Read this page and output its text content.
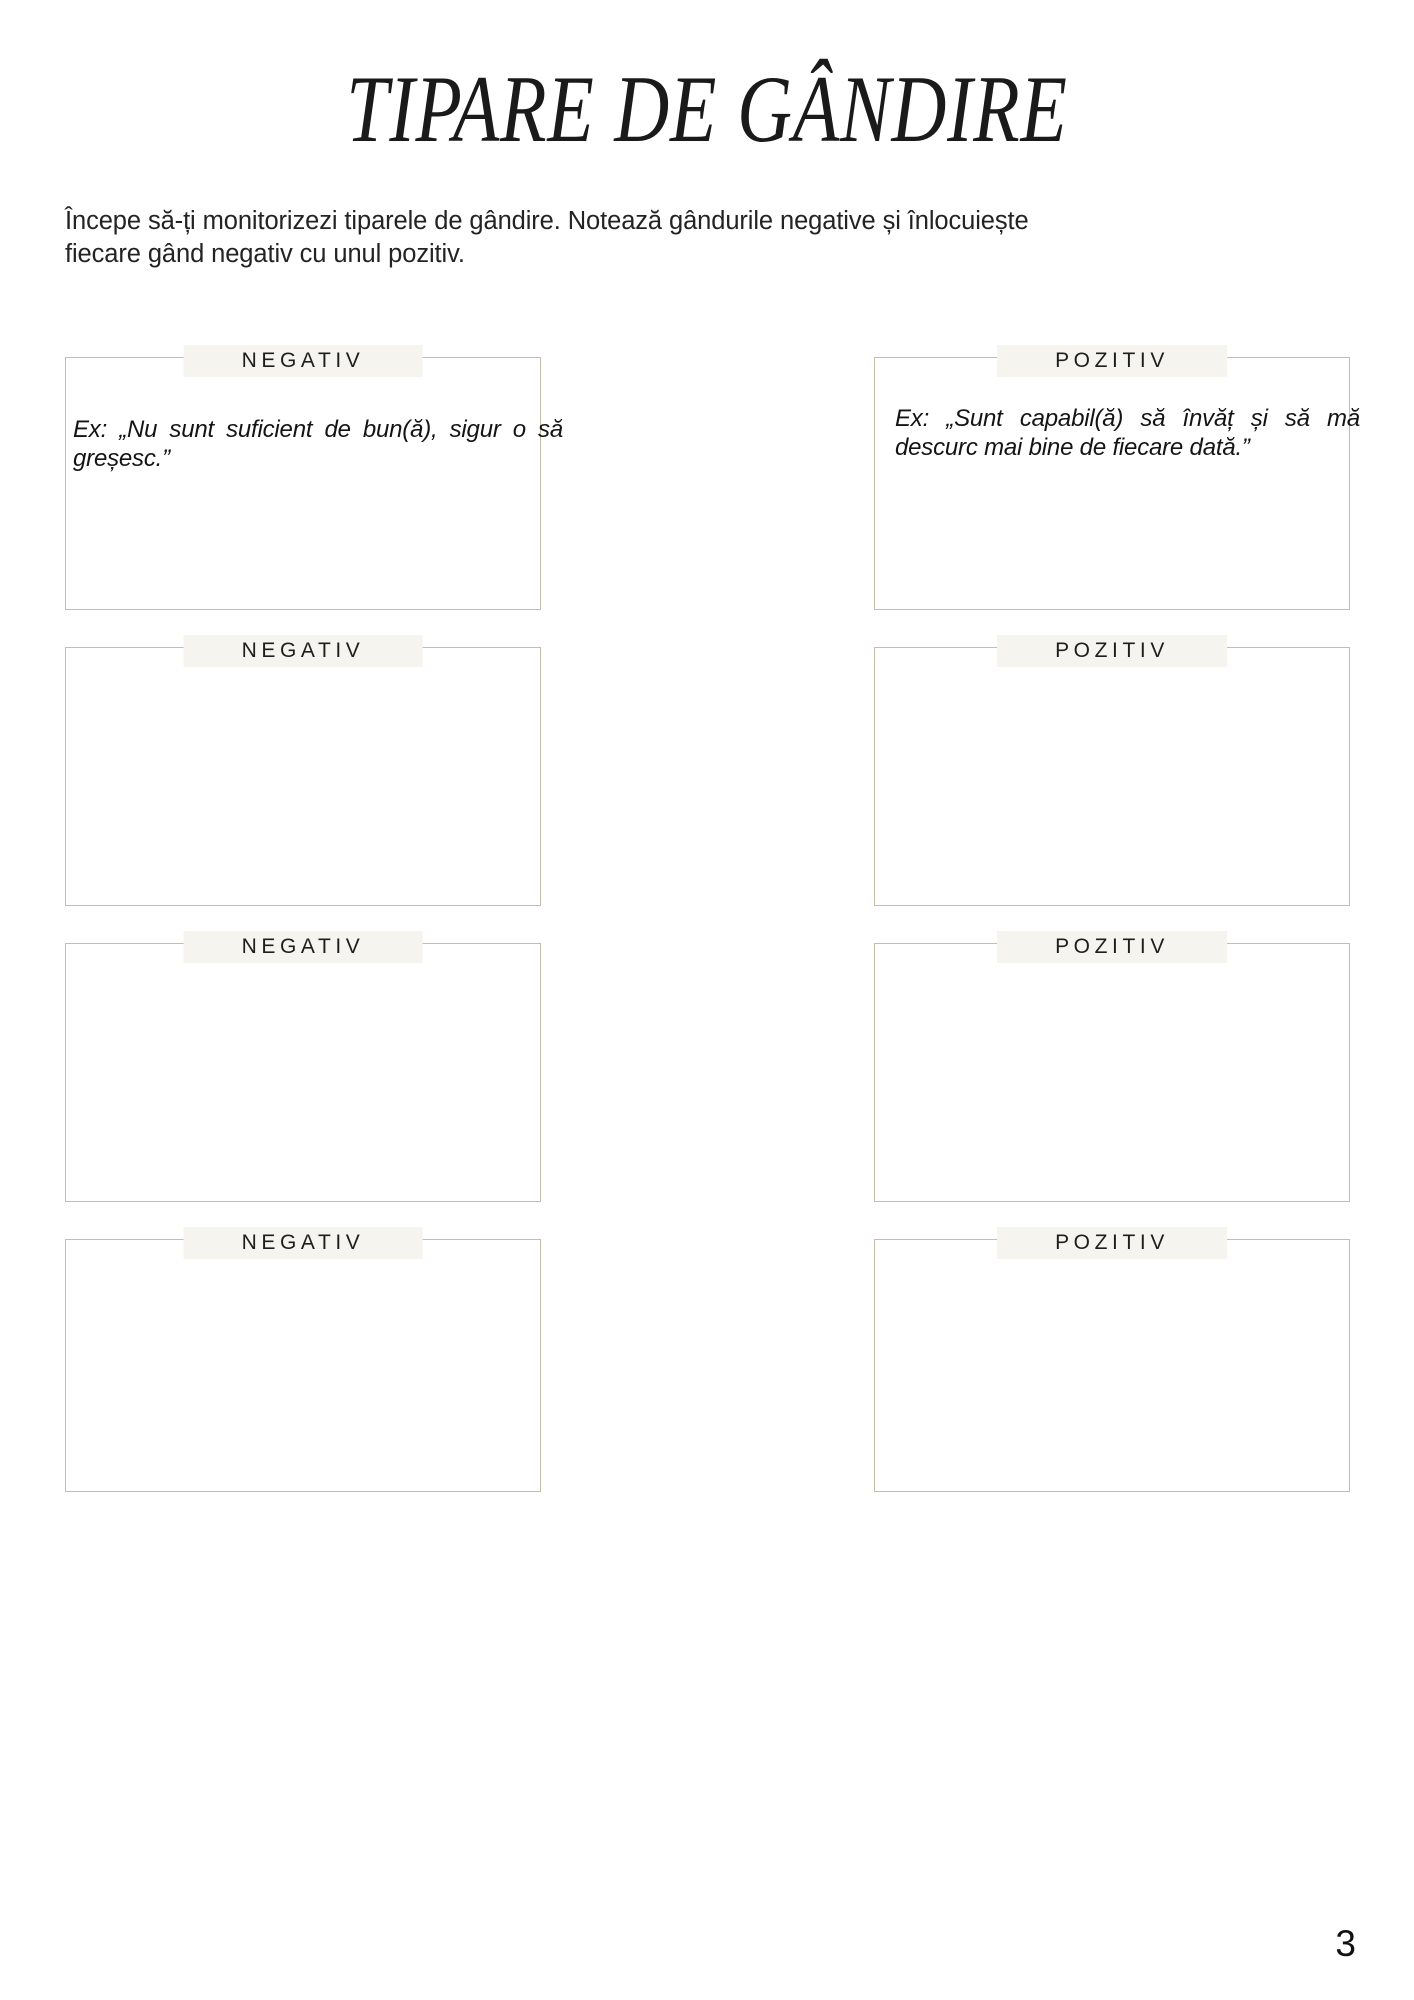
TIPARE DE GÂNDIRE

Începe să-ți monitorizezi tiparele de gândire. Notează gândurile negative și înlocuiește fiecare gând negativ cu unul pozitiv.

NEGATIV
Ex: „Nu sunt suficient de bun(ă), sigur o să greșesc.”
POZITIV
Ex: „Sunt capabil(ă) să învăț și să mă descurc mai bine de fiecare dată.”
NEGATIV	POZITIV
NEGATIV	POZITIV
NEGATIV	POZITIV
3
